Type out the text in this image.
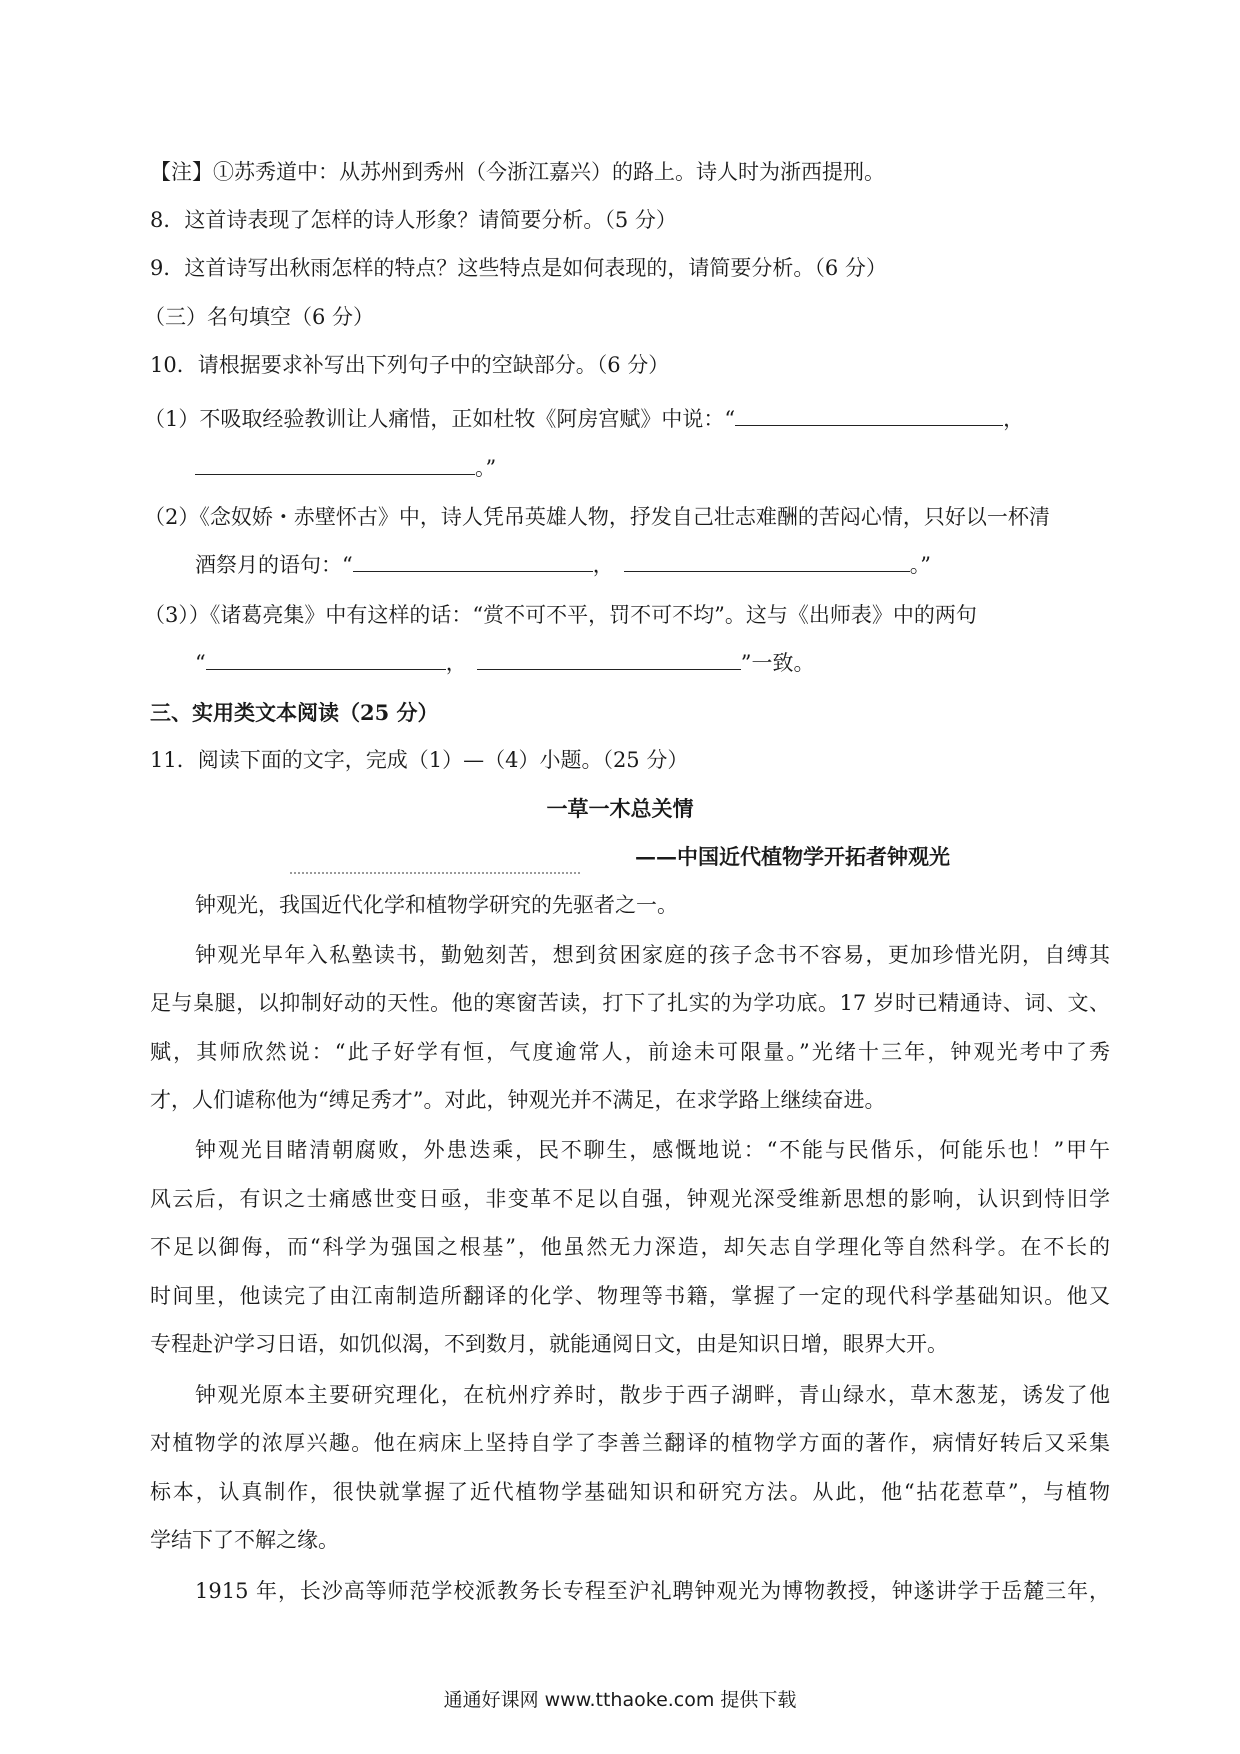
【注】①苏秀道中：从苏州到秀州（今浙江嘉兴）的路上。诗人时为浙西提刑。
8．这首诗表现了怎样的诗人形象？请简要分析。（5 分）
9．这首诗写出秋雨怎样的特点？这些特点是如何表现的，请简要分析。（6 分）
（三）名句填空（6 分）
10．请根据要求补写出下列句子中的空缺部分。（6 分）
（1）不吸取经验教训让人痛惜，正如杜牧《阿房宫赋》中说：“	，
。”
（2）《念奴娇・赤壁怀古》中，诗人凭吊英雄人物，抒发自己壮志难酬的苦闷心情，只好以一杯清
酒祭月的语句：“	，	。”
（3））《诸葛亮集》中有这样的话：“赏不可不平，罚不可不均”。这与《出师表》中的两句
“	，	”一致。
三、实用类文本阅读（25 分）
11．阅读下面的文字，完成（1）—（4）小题。（25 分）
一草一木总关情
——中国近代植物学开拓者钟观光
钟观光，我国近代化学和植物学研究的先驱者之一。
钟观光早年入私塾读书，勤勉刻苦，想到贫困家庭的孩子念书不容易，更加珍惜光阴，自缚其
足与臬腿，以抑制好动的天性。他的寒窗苦读，打下了扎实的为学功底。17 岁时已精通诗、词、文、
赋，其师欣然说：“此子好学有恒，气度逾常人，前途未可限量。”光绪十三年，钟观光考中了秀
才，人们谑称他为“缚足秀才”。对此，钟观光并不满足，在求学路上继续奋进。
钟观光目睹清朝腐败，外患迭乘，民不聊生，感慨地说：“不能与民偕乐，何能乐也！”甲午
风云后，有识之士痛感世变日亟，非变革不足以自强，钟观光深受维新思想的影响，认识到恃旧学
不足以御侮，而“科学为强国之根基”，他虽然无力深造，却矢志自学理化等自然科学。在不长的
时间里，他读完了由江南制造所翻译的化学、物理等书籍，掌握了一定的现代科学基础知识。他又
专程赴沪学习日语，如饥似渴，不到数月，就能通阅日文，由是知识日增，眼界大开。
钟观光原本主要研究理化，在杭州疗养时，散步于西子湖畔，青山绿水，草木葱茏，诱发了他
对植物学的浓厚兴趣。他在病床上坚持自学了李善兰翻译的植物学方面的著作，病情好转后又采集
标本，认真制作，很快就掌握了近代植物学基础知识和研究方法。从此，他“拈花惹草”，与植物
学结下了不解之缘。
1915 年，长沙高等师范学校派教务长专程至沪礼聘钟观光为博物教授，钟遂讲学于岳麓三年，
通通好课网 www.tthaoke.com 提供下载
